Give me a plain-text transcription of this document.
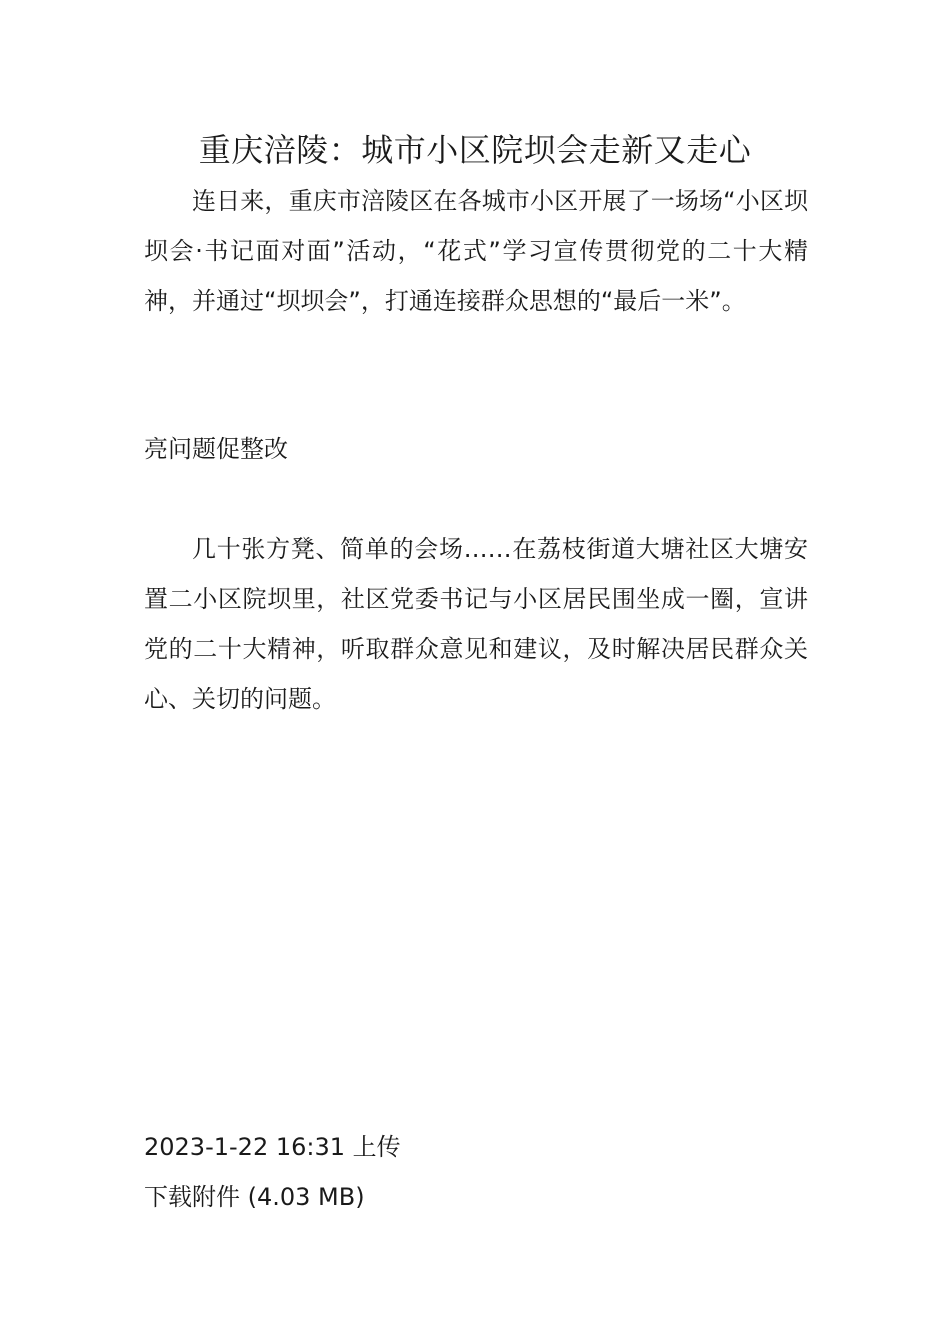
重庆涪陵：城市小区院坝会走新又走心

连日来，重庆市涪陵区在各城市小区开展了一场场“小区坝坝会·书记面对面”活动，“花式”学习宣传贯彻党的二十大精神，并通过“坝坝会”，打通连接群众思想的“最后一米”。

亮问题促整改

几十张方凳、简单的会场……在荔枝街道大塘社区大塘安置二小区院坝里，社区党委书记与小区居民围坐成一圈，宣讲党的二十大精神，听取群众意见和建议，及时解决居民群众关心、关切的问题。

2023-1-22 16:31 上传

下载附件 (4.03 MB)
